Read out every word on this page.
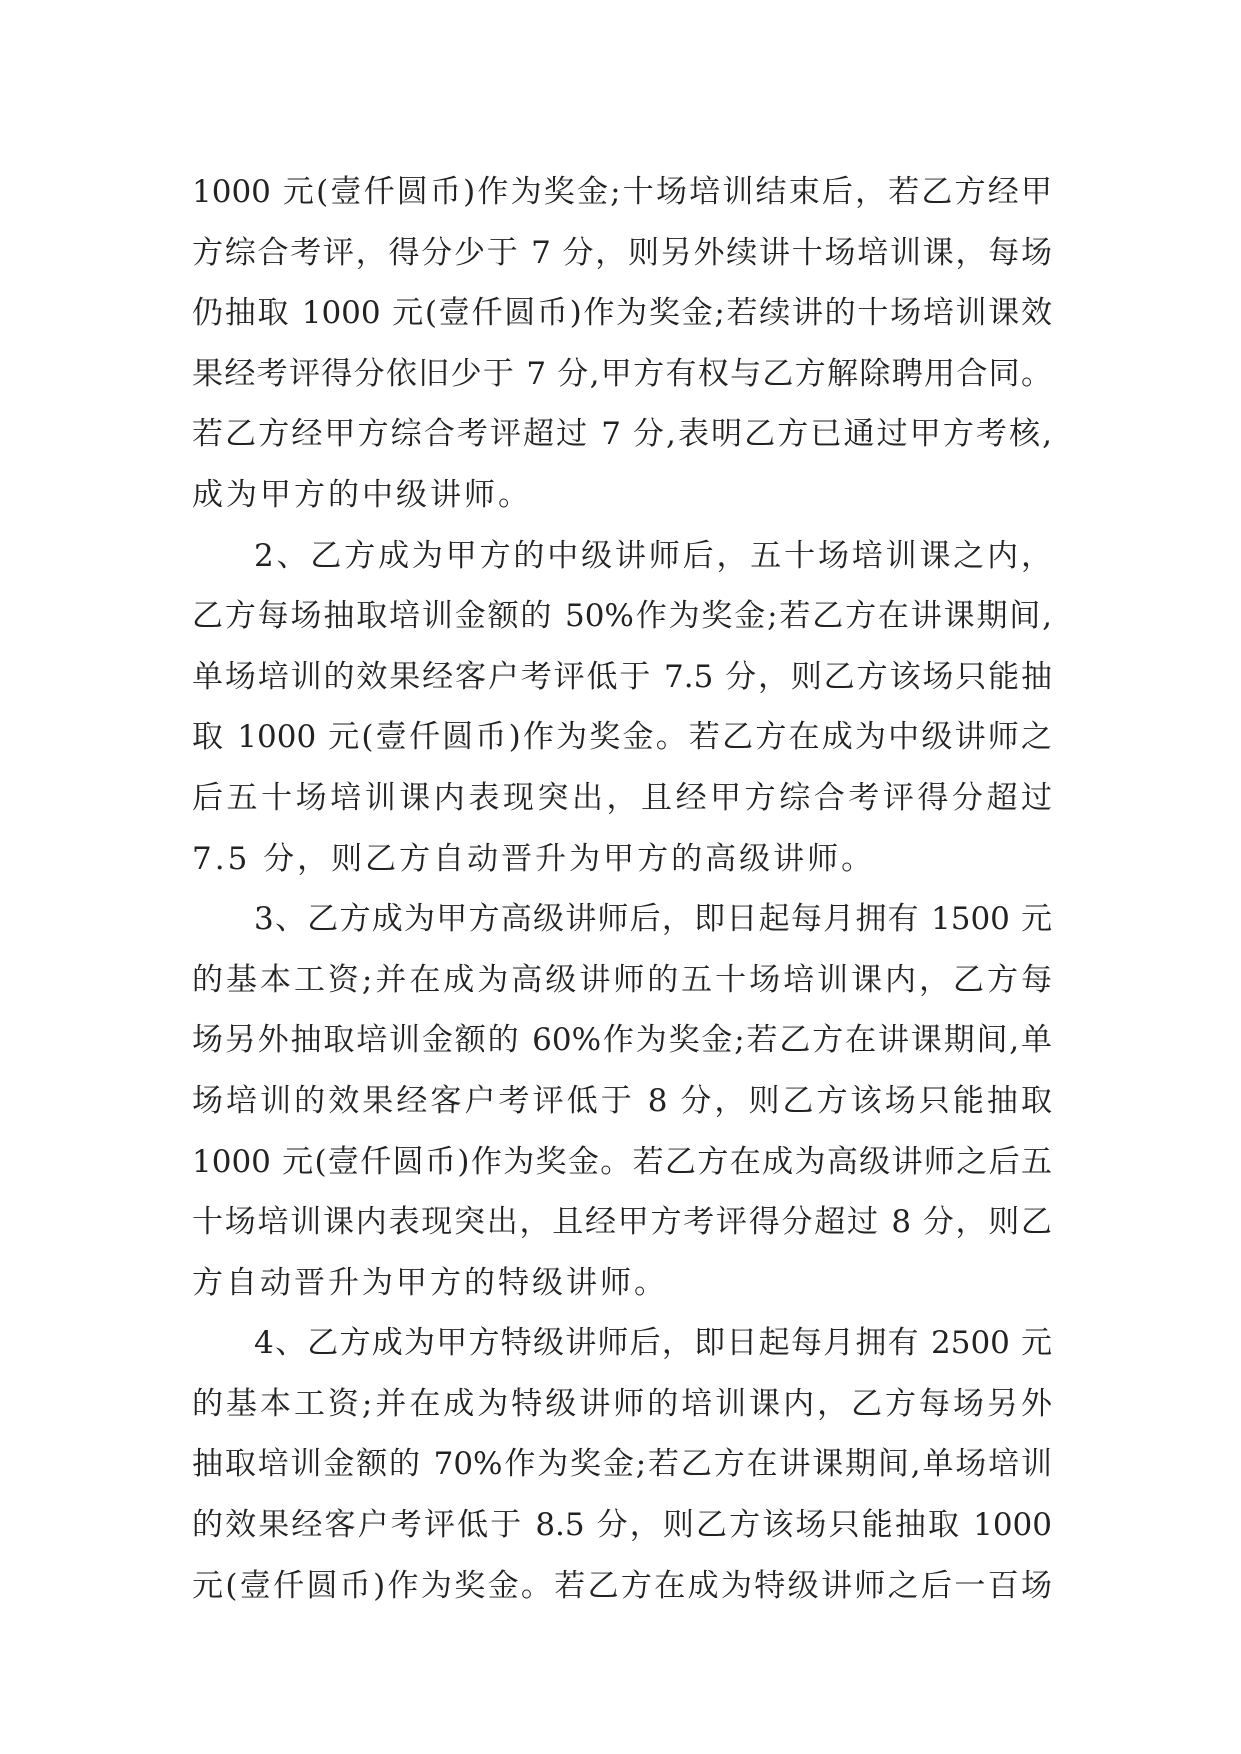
1000 元(壹仟圆币)作为奖金;十场培训结束后，若乙方经甲
方综合考评，得分少于 7 分，则另外续讲十场培训课，每场
仍抽取 1000 元(壹仟圆币)作为奖金;若续讲的十场培训课效
果经考评得分依旧少于 7 分,甲方有权与乙方解除聘用合同。
若乙方经甲方综合考评超过 7 分,表明乙方已通过甲方考核,
成为甲方的中级讲师。
2、乙方成为甲方的中级讲师后，五十场培训课之内，
乙方每场抽取培训金额的 50%作为奖金;若乙方在讲课期间,
单场培训的效果经客户考评低于 7.5 分，则乙方该场只能抽
取 1000 元(壹仟圆币)作为奖金。若乙方在成为中级讲师之
后五十场培训课内表现突出，且经甲方综合考评得分超过
7.5 分，则乙方自动晋升为甲方的高级讲师。
3、乙方成为甲方高级讲师后，即日起每月拥有 1500 元
的基本工资;并在成为高级讲师的五十场培训课内，乙方每
场另外抽取培训金额的 60%作为奖金;若乙方在讲课期间,单
场培训的效果经客户考评低于 8 分，则乙方该场只能抽取
1000 元(壹仟圆币)作为奖金。若乙方在成为高级讲师之后五
十场培训课内表现突出，且经甲方考评得分超过 8 分，则乙
方自动晋升为甲方的特级讲师。
4、乙方成为甲方特级讲师后，即日起每月拥有 2500 元
的基本工资;并在成为特级讲师的培训课内，乙方每场另外
抽取培训金额的 70%作为奖金;若乙方在讲课期间,单场培训
的效果经客户考评低于 8.5 分，则乙方该场只能抽取 1000
元(壹仟圆币)作为奖金。若乙方在成为特级讲师之后一百场
